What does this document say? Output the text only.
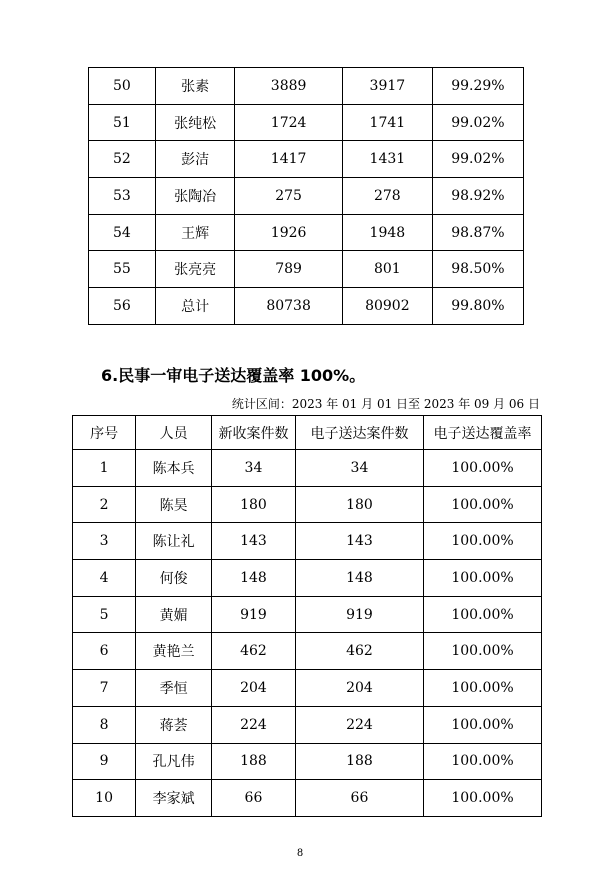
50	张素	3889	3917	99.29%
51	张纯松	1724	1741	99.02%
52	彭洁	1417	1431	99.02%
53	张陶冶	275	278	98.92%
54	王辉	1926	1948	98.87%
55	张亮亮	789	801	98.50%
56	总计	80738	80902	99.80%
6.民事一审电子送达覆盖率 100%。
统计区间：2023 年 01 月 01 日至 2023 年 09 月 06 日
序号	人员	新收案件数	电子送达案件数	电子送达覆盖率
1	陈本兵	34	34	100.00%
2	陈昊	180	180	100.00%
3	陈让礼	143	143	100.00%
4	何俊	148	148	100.00%
5	黄媚	919	919	100.00%
6	黄艳兰	462	462	100.00%
7	季恒	204	204	100.00%
8	蒋荟	224	224	100.00%
9	孔凡伟	188	188	100.00%
10	李家斌	66	66	100.00%
8
